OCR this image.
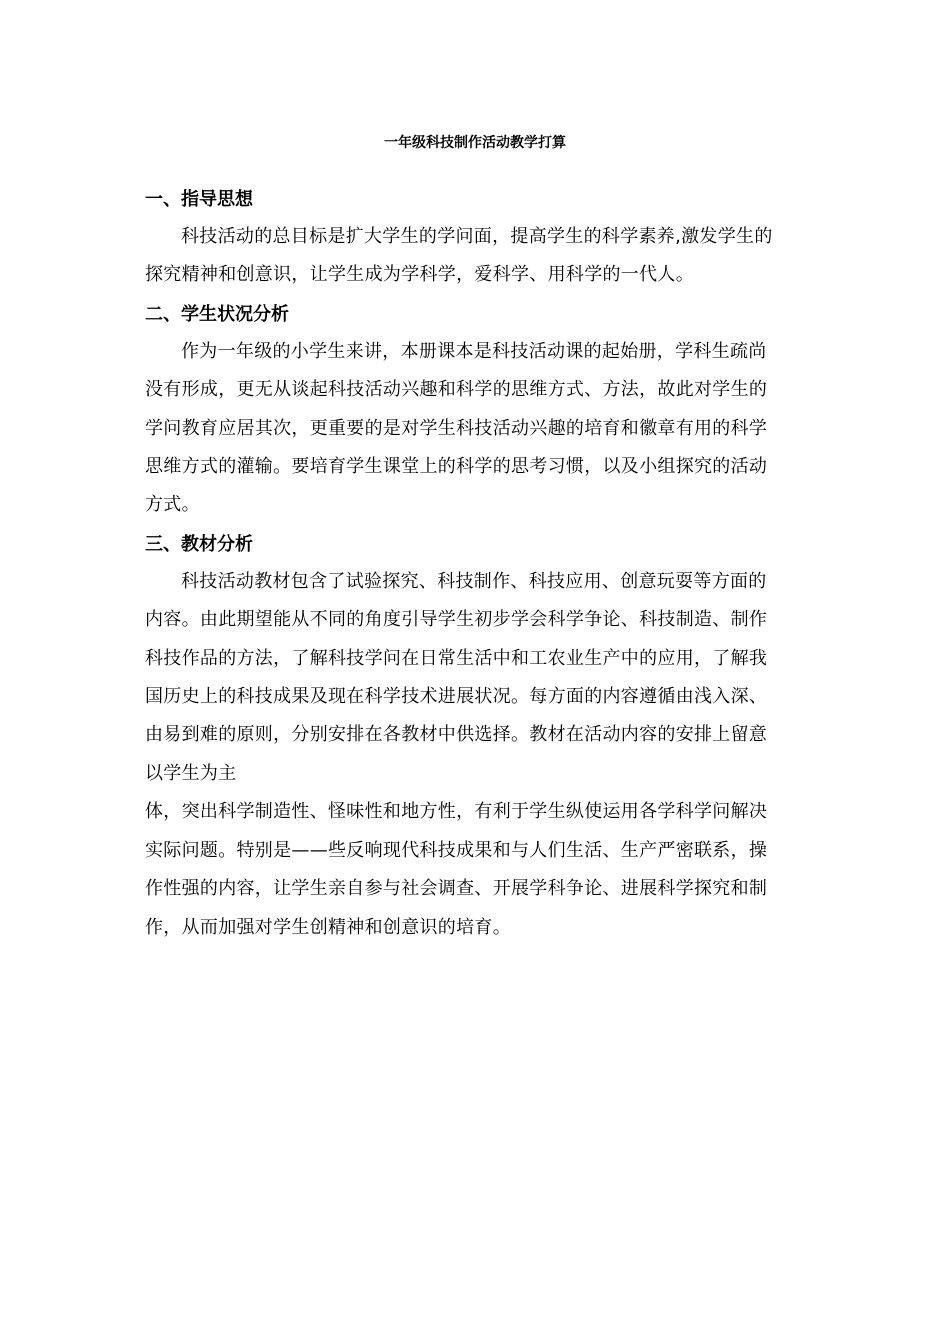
一年级科技制作活动教学打算
一、指导思想
科技活动的总目标是扩大学生的学问面，提高学生的科学素养,激发学生的
探究精神和创意识，让学生成为学科学，爱科学、用科学的一代人。
二、学生状况分析
作为一年级的小学生来讲，本册课本是科技活动课的起始册，学科生疏尚
没有形成，更无从谈起科技活动兴趣和科学的思维方式、方法，故此对学生的
学问教育应居其次，更重要的是对学生科技活动兴趣的培育和徽章有用的科学
思维方式的灌输。要培育学生课堂上的科学的思考习惯，以及小组探究的活动
方式。
三、教材分析
科技活动教材包含了试验探究、科技制作、科技应用、创意玩耍等方面的
内容。由此期望能从不同的角度引导学生初步学会科学争论、科技制造、制作
科技作品的方法，了解科技学问在日常生活中和工农业生产中的应用，了解我
国历史上的科技成果及现在科学技术进展状况。每方面的内容遵循由浅入深、
由易到难的原则，分别安排在各教材中供选择。教材在活动内容的安排上留意
以学生为主
体，突出科学制造性、怪味性和地方性，有利于学生纵使运用各学科学问解决
实际问题。特别是——些反响现代科技成果和与人们生活、生产严密联系，操
作性强的内容，让学生亲自参与社会调查、开展学科争论、进展科学探究和制
作，从而加强对学生创精神和创意识的培育。
